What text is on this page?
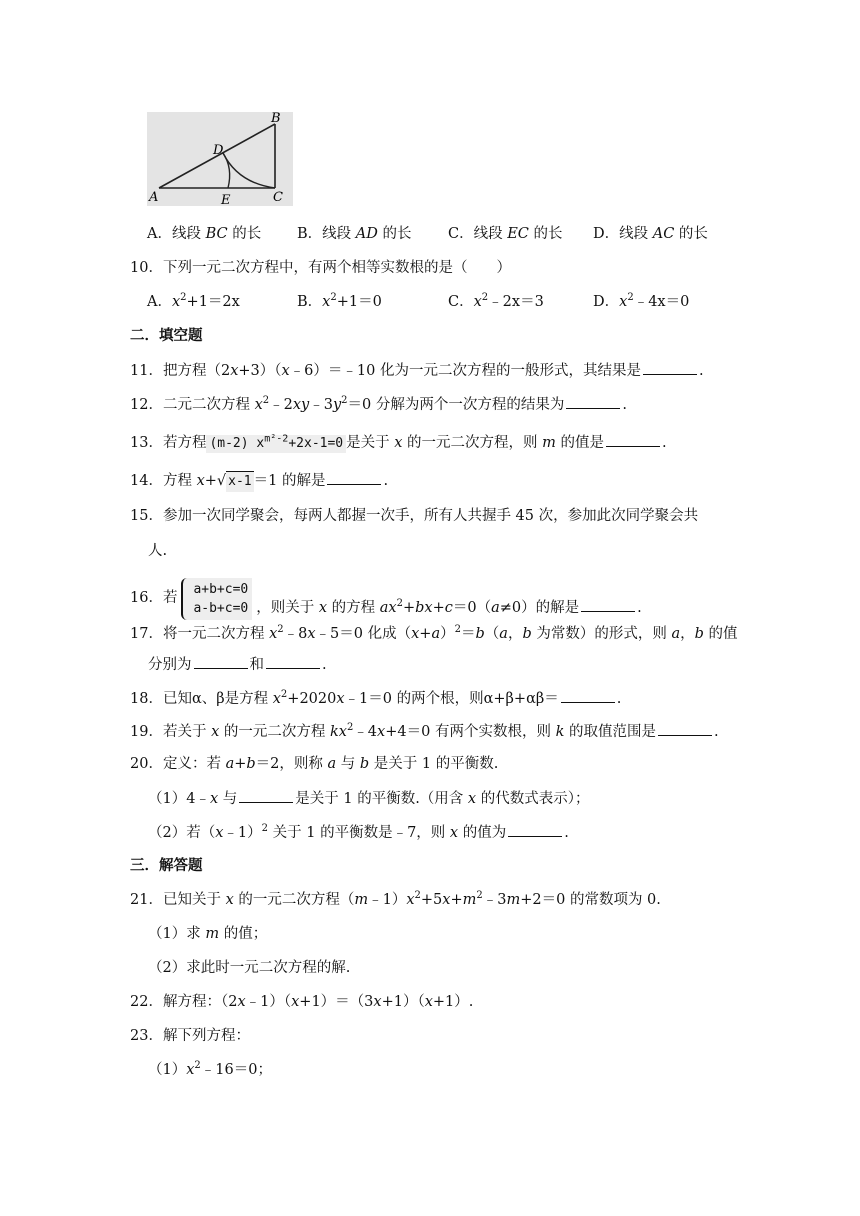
B
D
A	E	C
A．线段 BC 的长 B．线段 AD 的长	C．线段 EC 的长 D．线段 AC 的长
10．下列一元二次方程中，有两个相等实数根的是（　　）
A．$x^2+1=2x$	B．$x^2+1=0$	C．$x^2﹣2x=3$	D．$x^2﹣4x=0$
二．填空题
11．把方程（2x+3）（x﹣6）＝﹣10 化为一元二次方程的一般形式，其结果是	.
12．二元二次方程 $x^2﹣2xy﹣3y^2=0$ 分解为两个一次方程的结果为	.
13．若方程 (m-2) $x^{m^2-2}+2x-1=0$ 是关于 x 的一元二次方程，则 m 的值是	.
14．方程 x+√ x-1 ＝1 的解是	.
15．参加一次同学聚会，每两人都握一次手，所有人共握手 45 次，参加此次同学聚会共
人.
16．若
a+b+c=0
a-b+c=0 ，则关于 x 的方程 $ax^2+bx+c=0(a\ne 0)$的解是	.
17．将一元二次方程 $x^2﹣8x﹣5=0$ 化成$(x+a)^2=b(a$，b 为常数）的形式，则 a，b 的值
分别为	和	.
18．已知α、β是方程 $x^2+2020x﹣1=0$ 的两个根，则α+β+αβ＝	.
19．若关于 x 的一元二次方程 $kx^2﹣4x+4=0$ 有两个实数根，则 k 的取值范围是	.
20．定义：若 a+b＝2，则称 a 与 b 是关于 1 的平衡数.
（1）4﹣x 与	是关于 1 的平衡数.（用含 x 的代数式表示）；
（2）若（x﹣1）$^2$ 关于 1 的平衡数是﹣7，则 x 的值为	.
三．解答题
21．已知关于 x 的一元二次方程$(m﹣1)x^2+5x+m^2﹣3m+2=0$ 的常数项为 0.
（1）求 m 的值；
（2）求此时一元二次方程的解.
22．解方程：（2x﹣1）（x+1）＝（3x+1）（x+1）.
23．解下列方程：
$(1)x^2﹣16=0$；
